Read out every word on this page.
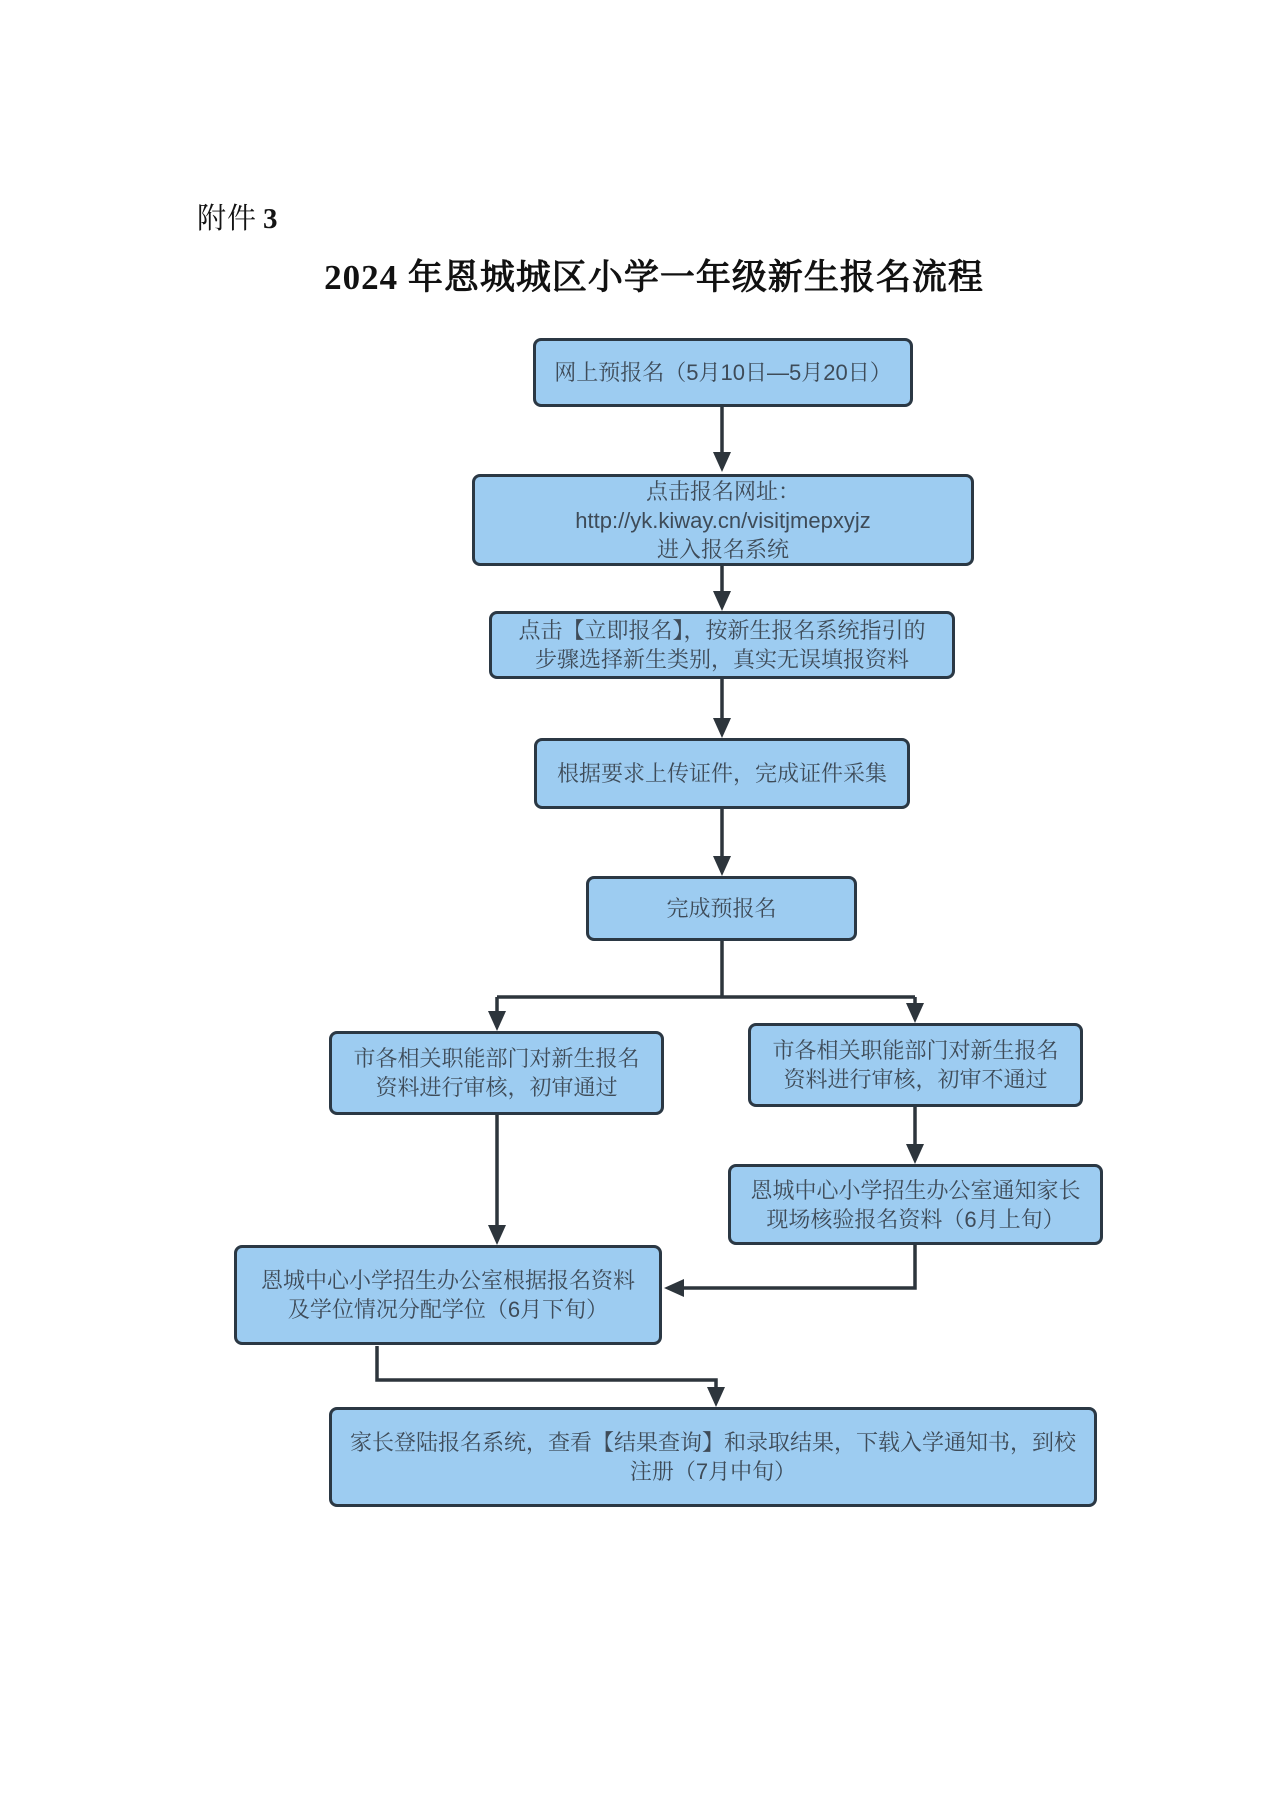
附件 3
2024 年恩城城区小学一年级新生报名流程
网上预报名（5月10日—5月20日）
点击报名网址：
http://yk.kiway.cn/visitjmepxyjz
进入报名系统
点击【立即报名】，按新生报名系统指引的
步骤选择新生类别，真实无误填报资料
根据要求上传证件，完成证件采集
完成预报名
市各相关职能部门对新生报名
资料进行审核，初审通过
市各相关职能部门对新生报名
资料进行审核，初审不通过
恩城中心小学招生办公室通知家长
现场核验报名资料（6月上旬）
恩城中心小学招生办公室根据报名资料
及学位情况分配学位（6月下旬）
家长登陆报名系统，查看【结果查询】和录取结果，下载入学通知书，到校
注册（7月中旬）
